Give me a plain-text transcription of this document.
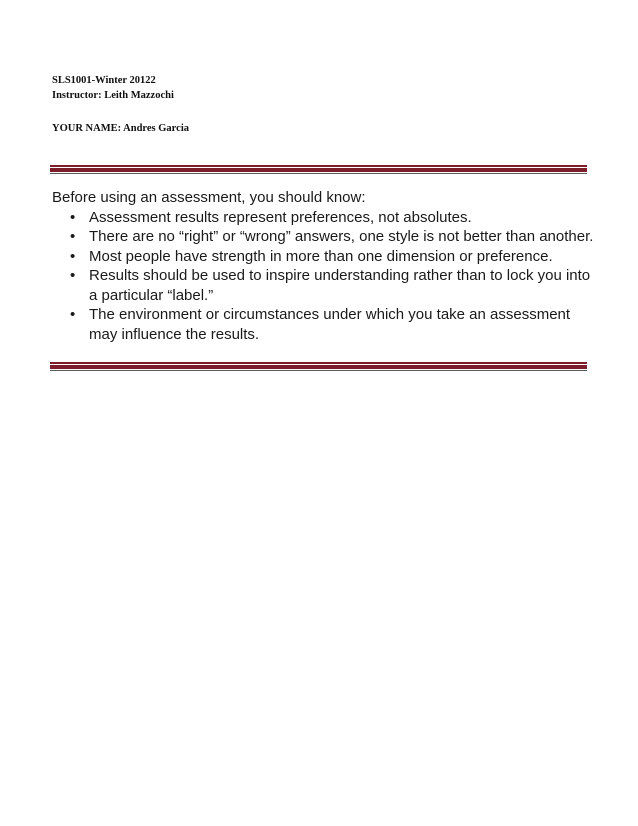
SLS1001-Winter 20122
Instructor: Leith Mazzochi
YOUR NAME: Andres Garcia

Before using an assessment, you should know:

• Assessment results represent preferences, not absolutes.
• There are no “right” or “wrong” answers, one style is not better than another.
• Most people have strength in more than one dimension or preference.
• Results should be used to inspire understanding rather than to lock you into a particular “label.”
• The environment or circumstances under which you take an assessment may influence the results.
